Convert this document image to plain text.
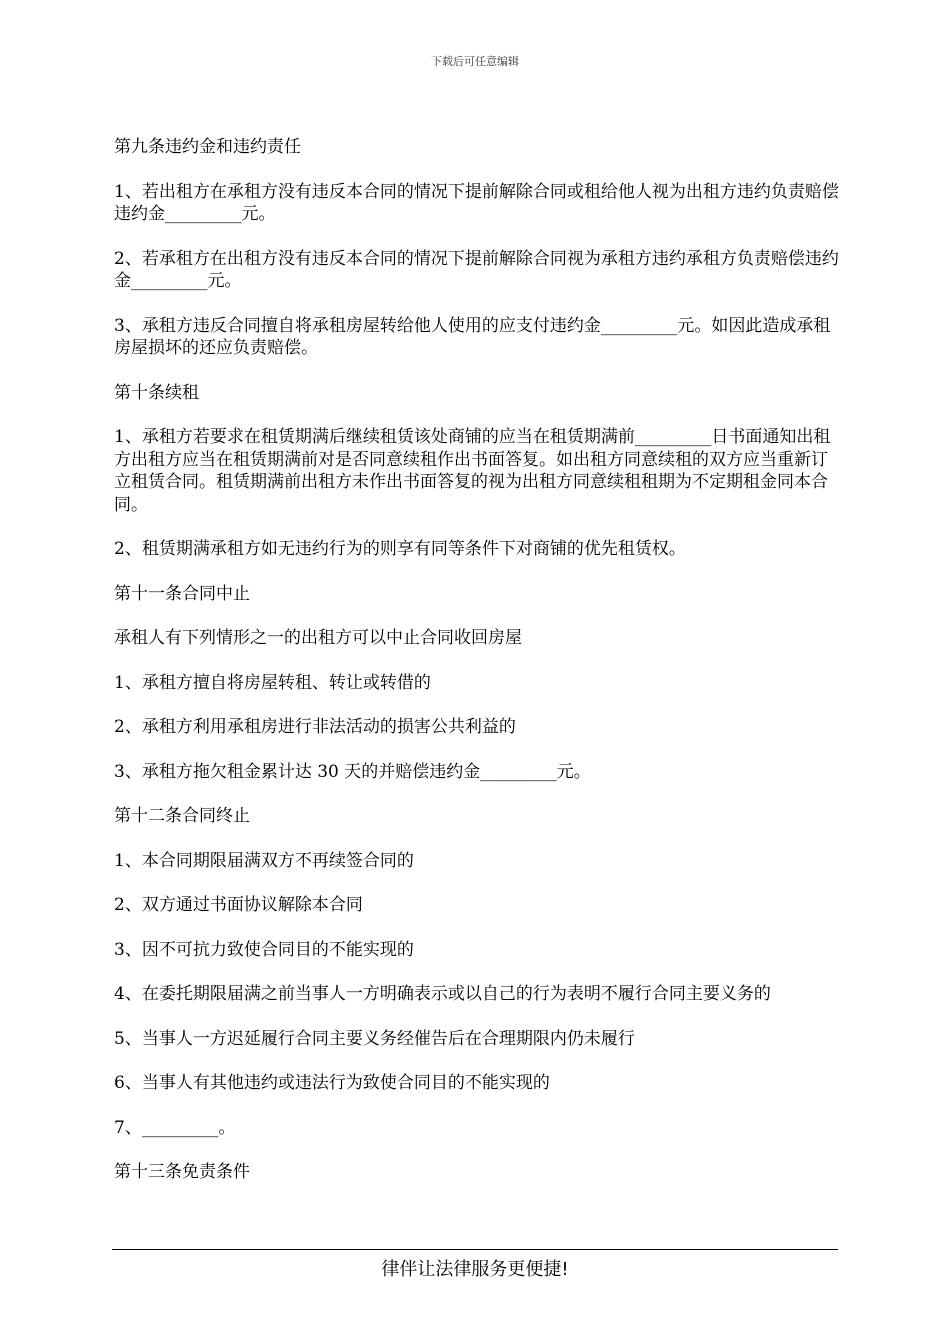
下载后可任意编辑

第九条违约金和违约责任

1、若出租方在承租方没有违反本合同的情况下提前解除合同或租给他人视为出租方违约负责赔偿违约金_________元。

2、若承租方在出租方没有违反本合同的情况下提前解除合同视为承租方违约承租方负责赔偿违约金_________元。

3、承租方违反合同擅自将承租房屋转给他人使用的应支付违约金_________元。如因此造成承租房屋损坏的还应负责赔偿。

第十条续租

1、承租方若要求在租赁期满后继续租赁该处商铺的应当在租赁期满前_________日书面通知出租方出租方应当在租赁期满前对是否同意续租作出书面答复。如出租方同意续租的双方应当重新订立租赁合同。租赁期满前出租方未作出书面答复的视为出租方同意续租租期为不定期租金同本合同。

2、租赁期满承租方如无违约行为的则享有同等条件下对商铺的优先租赁权。

第十一条合同中止

承租人有下列情形之一的出租方可以中止合同收回房屋

1、承租方擅自将房屋转租、转让或转借的

2、承租方利用承租房进行非法活动的损害公共利益的

3、承租方拖欠租金累计达 30 天的并赔偿违约金_________元。

第十二条合同终止

1、本合同期限届满双方不再续签合同的

2、双方通过书面协议解除本合同

3、因不可抗力致使合同目的不能实现的

4、在委托期限届满之前当事人一方明确表示或以自己的行为表明不履行合同主要义务的

5、当事人一方迟延履行合同主要义务经催告后在合理期限内仍未履行

6、当事人有其他违约或违法行为致使合同目的不能实现的

7、_________。

第十三条免责条件

律伴让法律服务更便捷!
